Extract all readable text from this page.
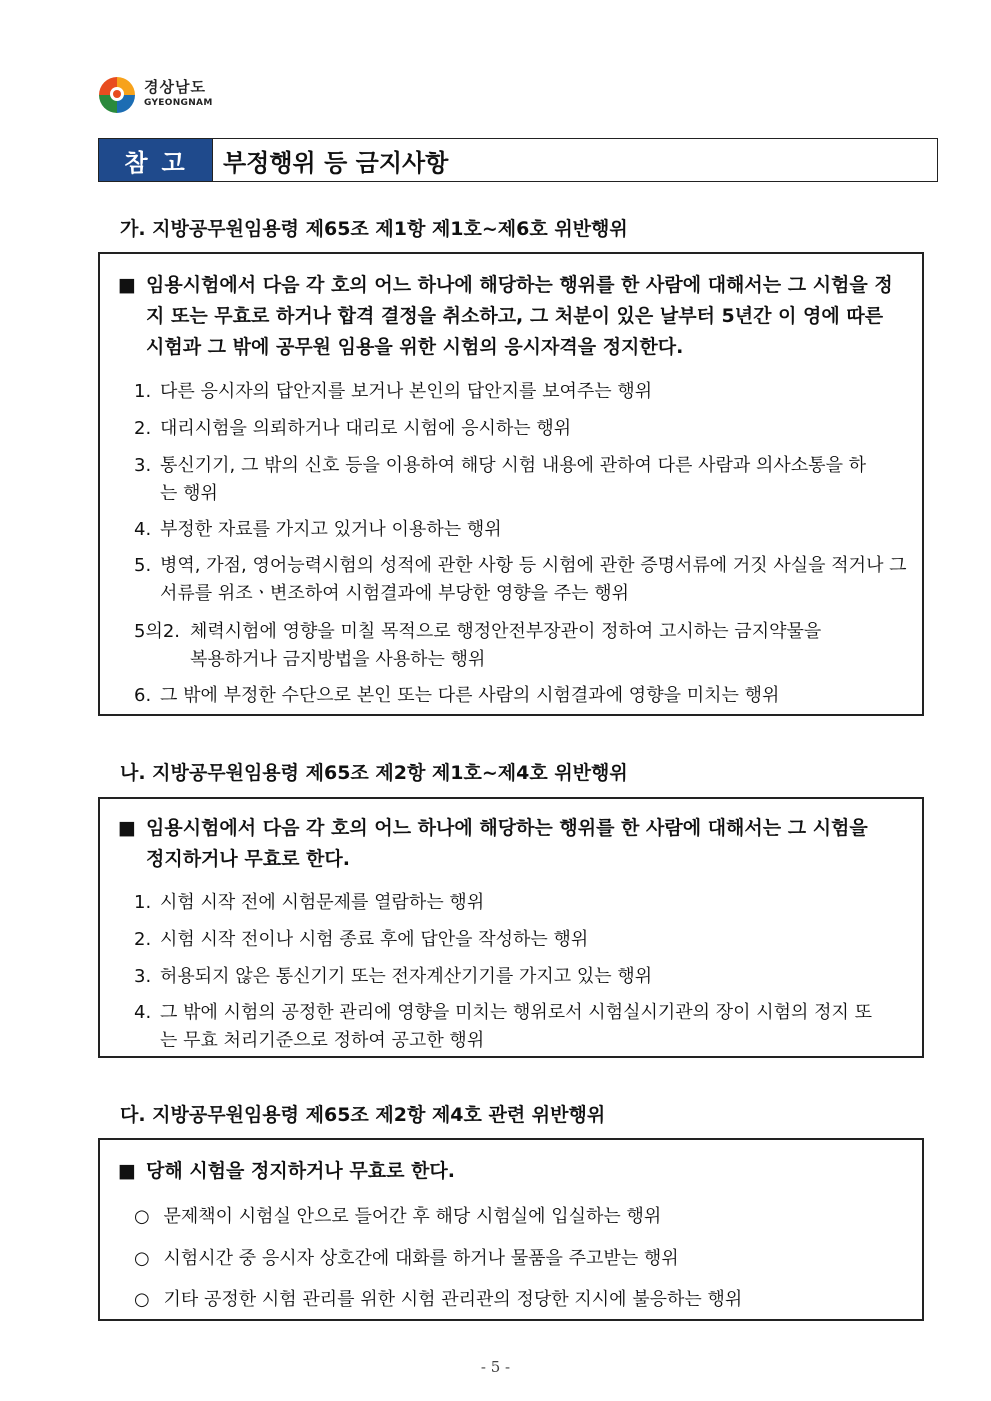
경상남도
GYEONGNAM
참고	부정행위 등 금지사항
가. 지방공무원임용령 제65조 제1항 제1호~제6호 위반행위
■ 임용시험에서 다음 각 호의 어느 하나에 해당하는 행위를 한 사람에 대해서는 그 시험을 정지 또는 무효로 하거나 합격 결정을 취소하고, 그 처분이 있은 날부터 5년간 이 영에 따른 시험과 그 밖에 공무원 임용을 위한 시험의 응시자격을 정지한다.
1. 다른 응시자의 답안지를 보거나 본인의 답안지를 보여주는 행위
2. 대리시험을 의뢰하거나 대리로 시험에 응시하는 행위
3. 통신기기, 그 밖의 신호 등을 이용하여 해당 시험 내용에 관하여 다른 사람과 의사소통을 하는 행위
4. 부정한 자료를 가지고 있거나 이용하는 행위
5. 병역, 가점, 영어능력시험의 성적에 관한 사항 등 시험에 관한 증명서류에 거짓 사실을 적거나 그 서류를 위조ㆍ변조하여 시험결과에 부당한 영향을 주는 행위
5의2. 체력시험에 영향을 미칠 목적으로 행정안전부장관이 정하여 고시하는 금지약물을 복용하거나 금지방법을 사용하는 행위
6. 그 밖에 부정한 수단으로 본인 또는 다른 사람의 시험결과에 영향을 미치는 행위
나. 지방공무원임용령 제65조 제2항 제1호~제4호 위반행위
■ 임용시험에서 다음 각 호의 어느 하나에 해당하는 행위를 한 사람에 대해서는 그 시험을 정지하거나 무효로 한다.
1. 시험 시작 전에 시험문제를 열람하는 행위
2. 시험 시작 전이나 시험 종료 후에 답안을 작성하는 행위
3. 허용되지 않은 통신기기 또는 전자계산기기를 가지고 있는 행위
4. 그 밖에 시험의 공정한 관리에 영향을 미치는 행위로서 시험실시기관의 장이 시험의 정지 또는 무효 처리기준으로 정하여 공고한 행위
다. 지방공무원임용령 제65조 제2항 제4호 관련 위반행위
■ 당해 시험을 정지하거나 무효로 한다.
○ 문제책이 시험실 안으로 들어간 후 해당 시험실에 입실하는 행위
○ 시험시간 중 응시자 상호간에 대화를 하거나 물품을 주고받는 행위
○ 기타 공정한 시험 관리를 위한 시험 관리관의 정당한 지시에 불응하는 행위
- 5 -
